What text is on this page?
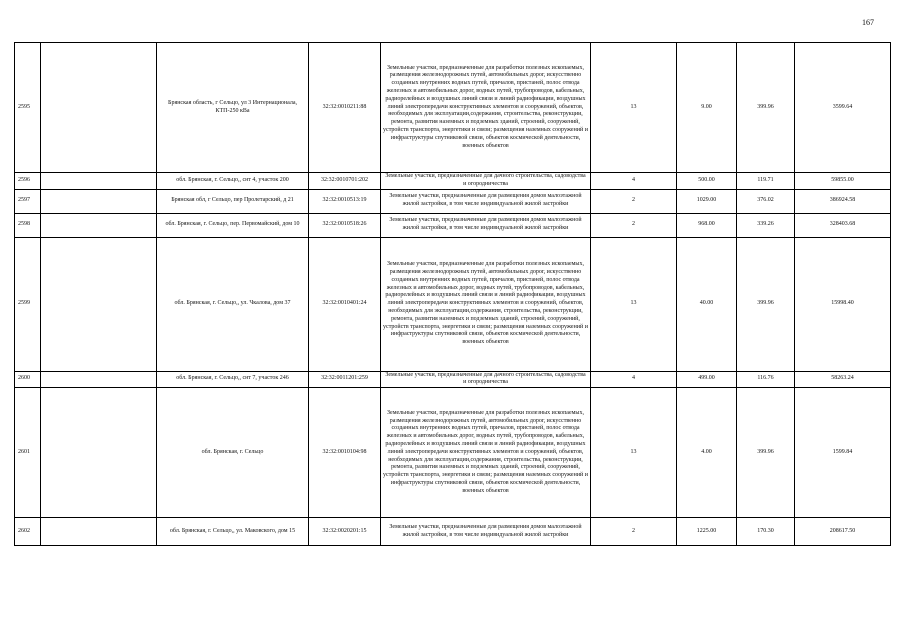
167
2595		Брянская область, г Сельцо, ул 3 Интернационала, КТП-250 кВа	32:32:0010211:88	Земельные участки, предназначенные для разработки полезных ископаемых, размещения железнодорожных путей, автомобильных дорог, искусственно созданных внутренних водных путей, причалов, пристаней, полос отвода железных и автомобильных дорог, водных путей, трубопроводов, кабельных, радиорелейных и воздушных линий связи и линий радиофикации, воздушных линий электропередачи конструктивных элементов и сооружений, объектов, необходимых для эксплуатации,содержания, строительства, реконструкции, ремонта, развития наземных и подземных зданий, строений, сооружений, устройств транспорта, энергетики и связи; размещения наземных сооружений и инфраструктуры спутниковой связи, объектов космической деятельности, военных объектов	13	9.00	399.96	3599.64
2596		обл. Брянская, г. Сельцо,, снт 4, участок 200	32:32:0010701:202	Земельные участки, предназначенные для дачного строительства, садоводства и огородничества	4	500.00	119.71	59855.00
2597		Брянская обл, г Сельцо, пер Пролетарский, д 21	32:32:0010513:19	Земельные участки, предназначенные для размещения домов малоэтажной жилой застройки, в том числе индивидуальной жилой застройки	2	1029.00	376.02	386924.58
2598		обл. Брянская, г. Сельцо, пер. Первомайский, дом 10	32:32:0010518:26	Земельные участки, предназначенные для размещения домов малоэтажной жилой застройки, в том числе индивидуальной жилой застройки	2	968.00	339.26	328403.68
2599		обл. Брянская, г. Сельцо,, ул. Чкалова, дом 37	32:32:0010401:24	Земельные участки, предназначенные для разработки полезных ископаемых, размещения железнодорожных путей, автомобильных дорог, искусственно созданных внутренних водных путей, причалов, пристаней, полос отвода железных и автомобильных дорог, водных путей, трубопроводов, кабельных, радиорелейных и воздушных линий связи и линий радиофикации, воздушных линий электропередачи конструктивных элементов и сооружений, объектов, необходимых для эксплуатации,содержания, строительства, реконструкции, ремонта, развития наземных и подземных зданий, строений, сооружений, устройств транспорта, энергетики и связи; размещения наземных сооружений и инфраструктуры спутниковой связи, объектов космической деятельности, военных объектов	13	40.00	399.96	15998.40
2600		обл. Брянская, г. Сельцо,, снт 7, участок 246	32:32:0011201:259	Земельные участки, предназначенные для дачного строительства, садоводства и огородничества	4	499.00	116.76	58263.24
2601		обл. Брянская, г. Сельцо	32:32:0010104:98	Земельные участки, предназначенные для разработки полезных ископаемых, размещения железнодорожных путей, автомобильных дорог, искусственно созданных внутренних водных путей, причалов, пристаней, полос отвода железных и автомобильных дорог, водных путей, трубопроводов, кабельных, радиорелейных и воздушных линий связи и линий радиофикации, воздушных линий электропередачи конструктивных элементов и сооружений, объектов, необходимых для эксплуатации,содержания, строительства, реконструкции, ремонта, развития наземных и подземных зданий, строений, сооружений, устройств транспорта, энергетики и связи; размещения наземных сооружений и инфраструктуры спутниковой связи, объектов космической деятельности, военных объектов	13	4.00	399.96	1599.84
2602		обл. Брянская, г. Сельцо,, ул. Маковского, дом 15	32:32:0020201:15	Земельные участки, предназначенные для размещения домов малоэтажной жилой застройки, в том числе индивидуальной жилой застройки	2	1225.00	170.30	208617.50
